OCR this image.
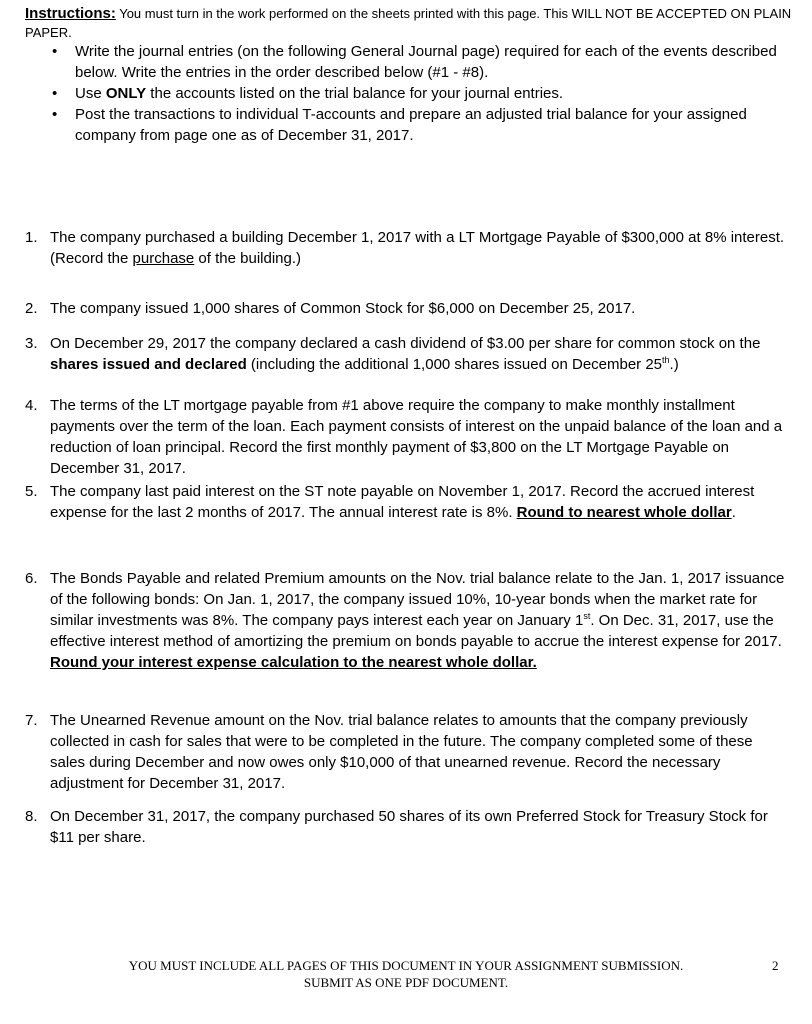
Instructions: You must turn in the work performed on the sheets printed with this page. This WILL NOT BE ACCEPTED ON PLAIN PAPER.
• Write the journal entries (on the following General Journal page) required for each of the events described below. Write the entries in the order described below (#1 - #8).
• Use ONLY the accounts listed on the trial balance for your journal entries.
• Post the transactions to individual T-accounts and prepare an adjusted trial balance for your assigned company from page one as of December 31, 2017.
1. The company purchased a building December 1, 2017 with a LT Mortgage Payable of $300,000 at 8% interest. (Record the purchase of the building.)
2. The company issued 1,000 shares of Common Stock for $6,000 on December 25, 2017.
3. On December 29, 2017 the company declared a cash dividend of $3.00 per share for common stock on the shares issued and declared (including the additional 1,000 shares issued on December 25th.)
4. The terms of the LT mortgage payable from #1 above require the company to make monthly installment payments over the term of the loan. Each payment consists of interest on the unpaid balance of the loan and a reduction of loan principal. Record the first monthly payment of $3,800 on the LT Mortgage Payable on December 31, 2017.
5. The company last paid interest on the ST note payable on November 1, 2017. Record the accrued interest expense for the last 2 months of 2017. The annual interest rate is 8%. Round to nearest whole dollar.
6. The Bonds Payable and related Premium amounts on the Nov. trial balance relate to the Jan. 1, 2017 issuance of the following bonds: On Jan. 1, 2017, the company issued 10%, 10-year bonds when the market rate for similar investments was 8%. The company pays interest each year on January 1st. On Dec. 31, 2017, use the effective interest method of amortizing the premium on bonds payable to accrue the interest expense for 2017. Round your interest expense calculation to the nearest whole dollar.
7. The Unearned Revenue amount on the Nov. trial balance relates to amounts that the company previously collected in cash for sales that were to be completed in the future. The company completed some of these sales during December and now owes only $10,000 of that unearned revenue. Record the necessary adjustment for December 31, 2017.
8. On December 31, 2017, the company purchased 50 shares of its own Preferred Stock for Treasury Stock for $11 per share.
YOU MUST INCLUDE ALL PAGES OF THIS DOCUMENT IN YOUR ASSIGNMENT SUBMISSION.
SUBMIT AS ONE PDF DOCUMENT.
2
